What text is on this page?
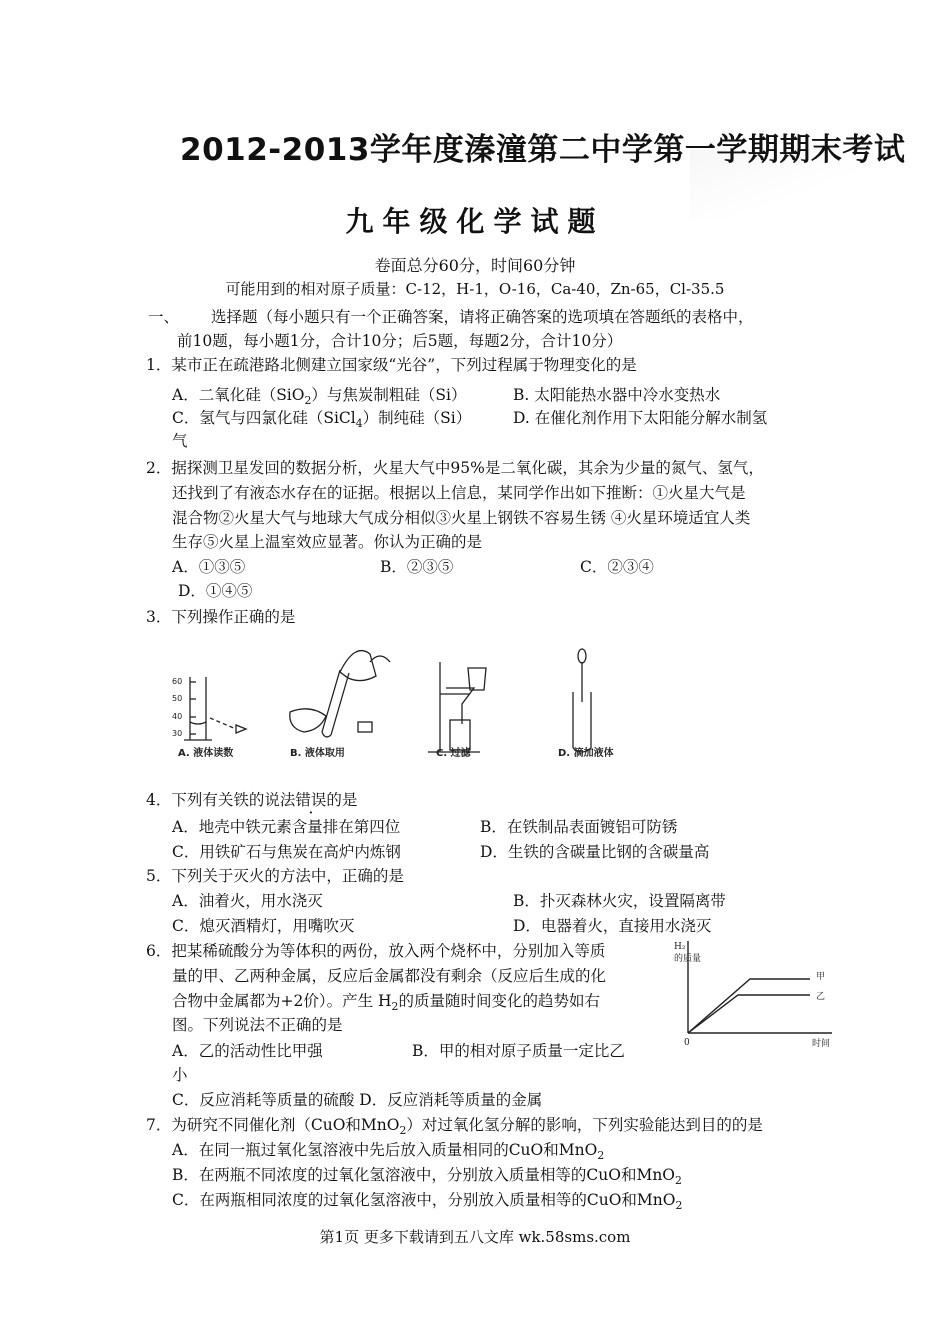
2012-2013学年度溱潼第二中学第一学期期末考试
九年级化学试题
卷面总分60分，时间60分钟
可能用到的相对原子质量：C-12，H-1，O-16，Ca-40，Zn-65，Cl-35.5
一、 选择题（每小题只有一个正确答案，请将正确答案的选项填在答题纸的表格中，
前10题，每小题1分，合计10分；后5题，每题2分，合计10分）
1．某市正在疏港路北侧建立国家级“光谷”，下列过程属于物理变化的是
A．二氧化硅（SiO$_2$）与焦炭制粗硅（Si）	B. 太阳能热水器中冷水变热水
C．氢气与四氯化硅（SiCl$_4$）制纯硅（Si）	D. 在催化剂作用下太阳能分解水制氢
气
2．据探测卫星发回的数据分析，火星大气中95%是二氧化碳，其余为少量的氮气、氢气，
还找到了有液态水存在的证据。根据以上信息，某同学作出如下推断：①火星大气是
混合物②火星大气与地球大气成分相似③火星上钢铁不容易生锈 ④火星环境适宜人类
生存⑤火星上温室效应显著。你认为正确的是
A．①③⑤	B．②③⑤	C．②③④
D．①④⑤
3．下列操作正确的是
60
50
40
30
A. 液体读数	B. 液体取用	C. 过滤	D. 滴加液体
4．下列有关铁的说法错误的是
A．地壳中铁元素含量排在第四位	B．在铁制品表面镀铝可防锈
C．用铁矿石与焦炭在高炉内炼钢	D．生铁的含碳量比钢的含碳量高
5．下列关于灭火的方法中，正确的是
A．油着火，用水浇灭	B．扑灭森林火灾，设置隔离带
C．熄灭酒精灯，用嘴吹灭	D．电器着火，直接用水浇灭
6．把某稀硫酸分为等体积的两份，放入两个烧杯中，分别加入等质
量的甲、乙两种金属，反应后金属都没有剩余（反应后生成的化
合物中金属都为+2价）。产生 $H_2$的质量随时间变化的趋势如右
图。下列说法不正确的是
A．乙的活动性比甲强	B．甲的相对原子质量一定比乙
小
C．反应消耗等质量的硫酸 D．反应消耗等质量的金属
H₂
的质量
0	时间
甲
乙
7．为研究不同催化剂（CuO和MnO$_2$）对过氧化氢分解的影响，下列实验能达到目的的是
A．在同一瓶过氧化氢溶液中先后放入质量相同的CuO和MnO$_2$
B．在两瓶不同浓度的过氧化氢溶液中，分别放入质量相等的CuO和MnO$_2$
C．在两瓶相同浓度的过氧化氢溶液中，分别放入质量相等的CuO和MnO$_2$
第1页 更多下载请到五八文库 wk.58sms.com
